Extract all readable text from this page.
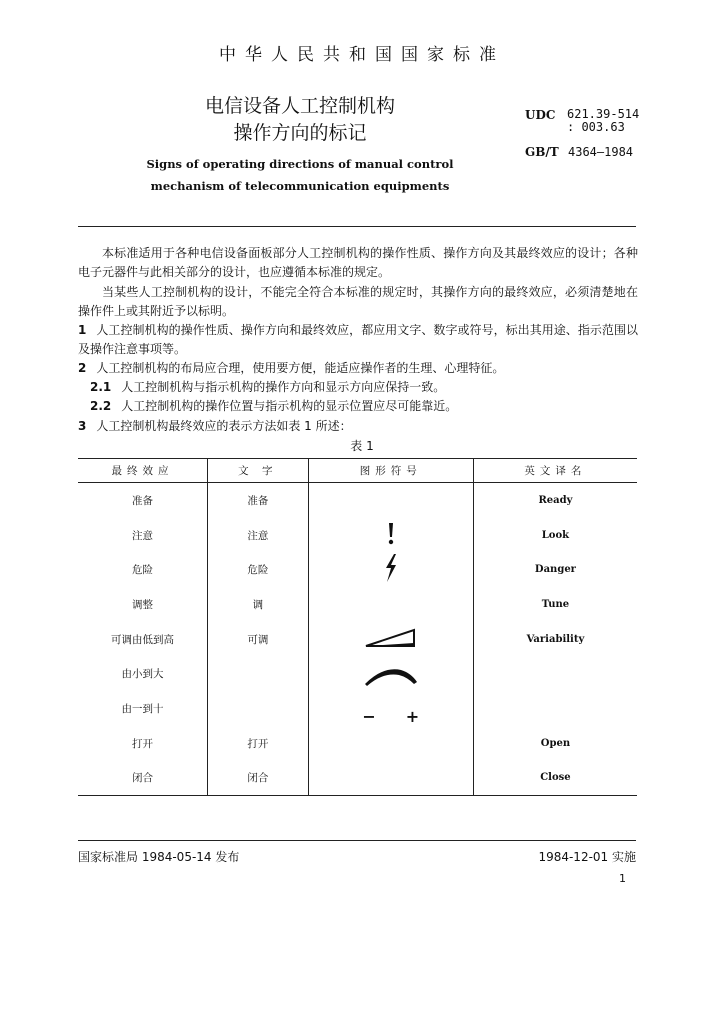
中华人民共和国国家标准
电信设备人工控制机构
操作方向的标记
Signs of operating directions of manual control
mechanism of telecommunication equipments
UDC 621.39-514
: 003.63
GB/T 4364—1984
本标准适用于各种电信设备面板部分人工控制机构的操作性质、操作方向及其最终效应的设计；各种电子元器件与此相关部分的设计，也应遵循本标准的规定。
当某些人工控制机构的设计，不能完全符合本标准的规定时，其操作方向的最终效应，必须清楚地在操作件上或其附近予以标明。
1 人工控制机构的操作性质、操作方向和最终效应，都应用文字、数字或符号，标出其用途、指示范围以及操作注意事项等。
2 人工控制机构的布局应合理，使用要方便，能适应操作者的生理、心理特征。
2.1 人工控制机构与指示机构的操作方向和显示方向应保持一致。
2.2 人工控制机构的操作位置与指示机构的显示位置应尽可能靠近。
3 人工控制机构最终效应的表示方法如表 1 所述：
表 1
最终效应	文 字	图形符号	英文译名
准备	准备		Ready
注意	注意		Look
危险	危险		Danger
调整	调		Tune
可调由低到高	可调		Variability
由小到大			
由一到十		− +	
打开	打开		Open
闭合	闭合		Close
国家标准局 1984-05-14 发布	1984-12-01 实施
1
